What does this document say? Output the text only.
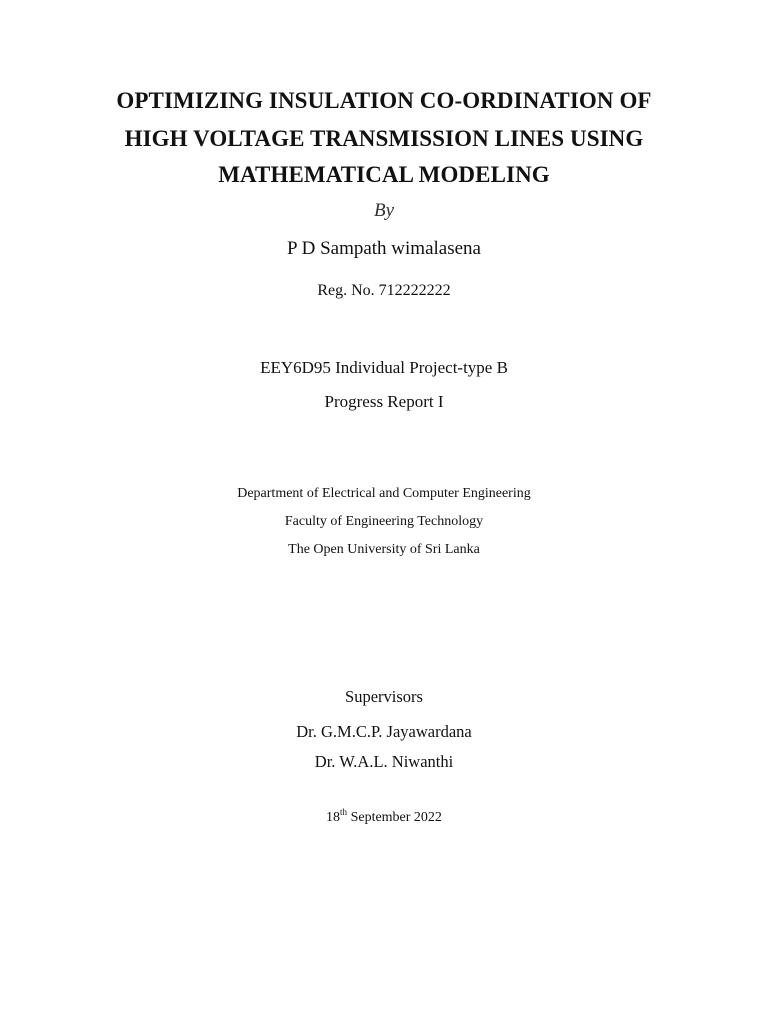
OPTIMIZING INSULATION CO-ORDINATION OF
HIGH VOLTAGE TRANSMISSION LINES USING
MATHEMATICAL MODELING
By
P D Sampath wimalasena
Reg. No. 712222222
EEY6D95 Individual Project-type B
Progress Report I
Department of Electrical and Computer Engineering
Faculty of Engineering Technology
The Open University of Sri Lanka
Supervisors
Dr. G.M.C.P. Jayawardana
Dr. W.A.L. Niwanthi
18th September 2022
